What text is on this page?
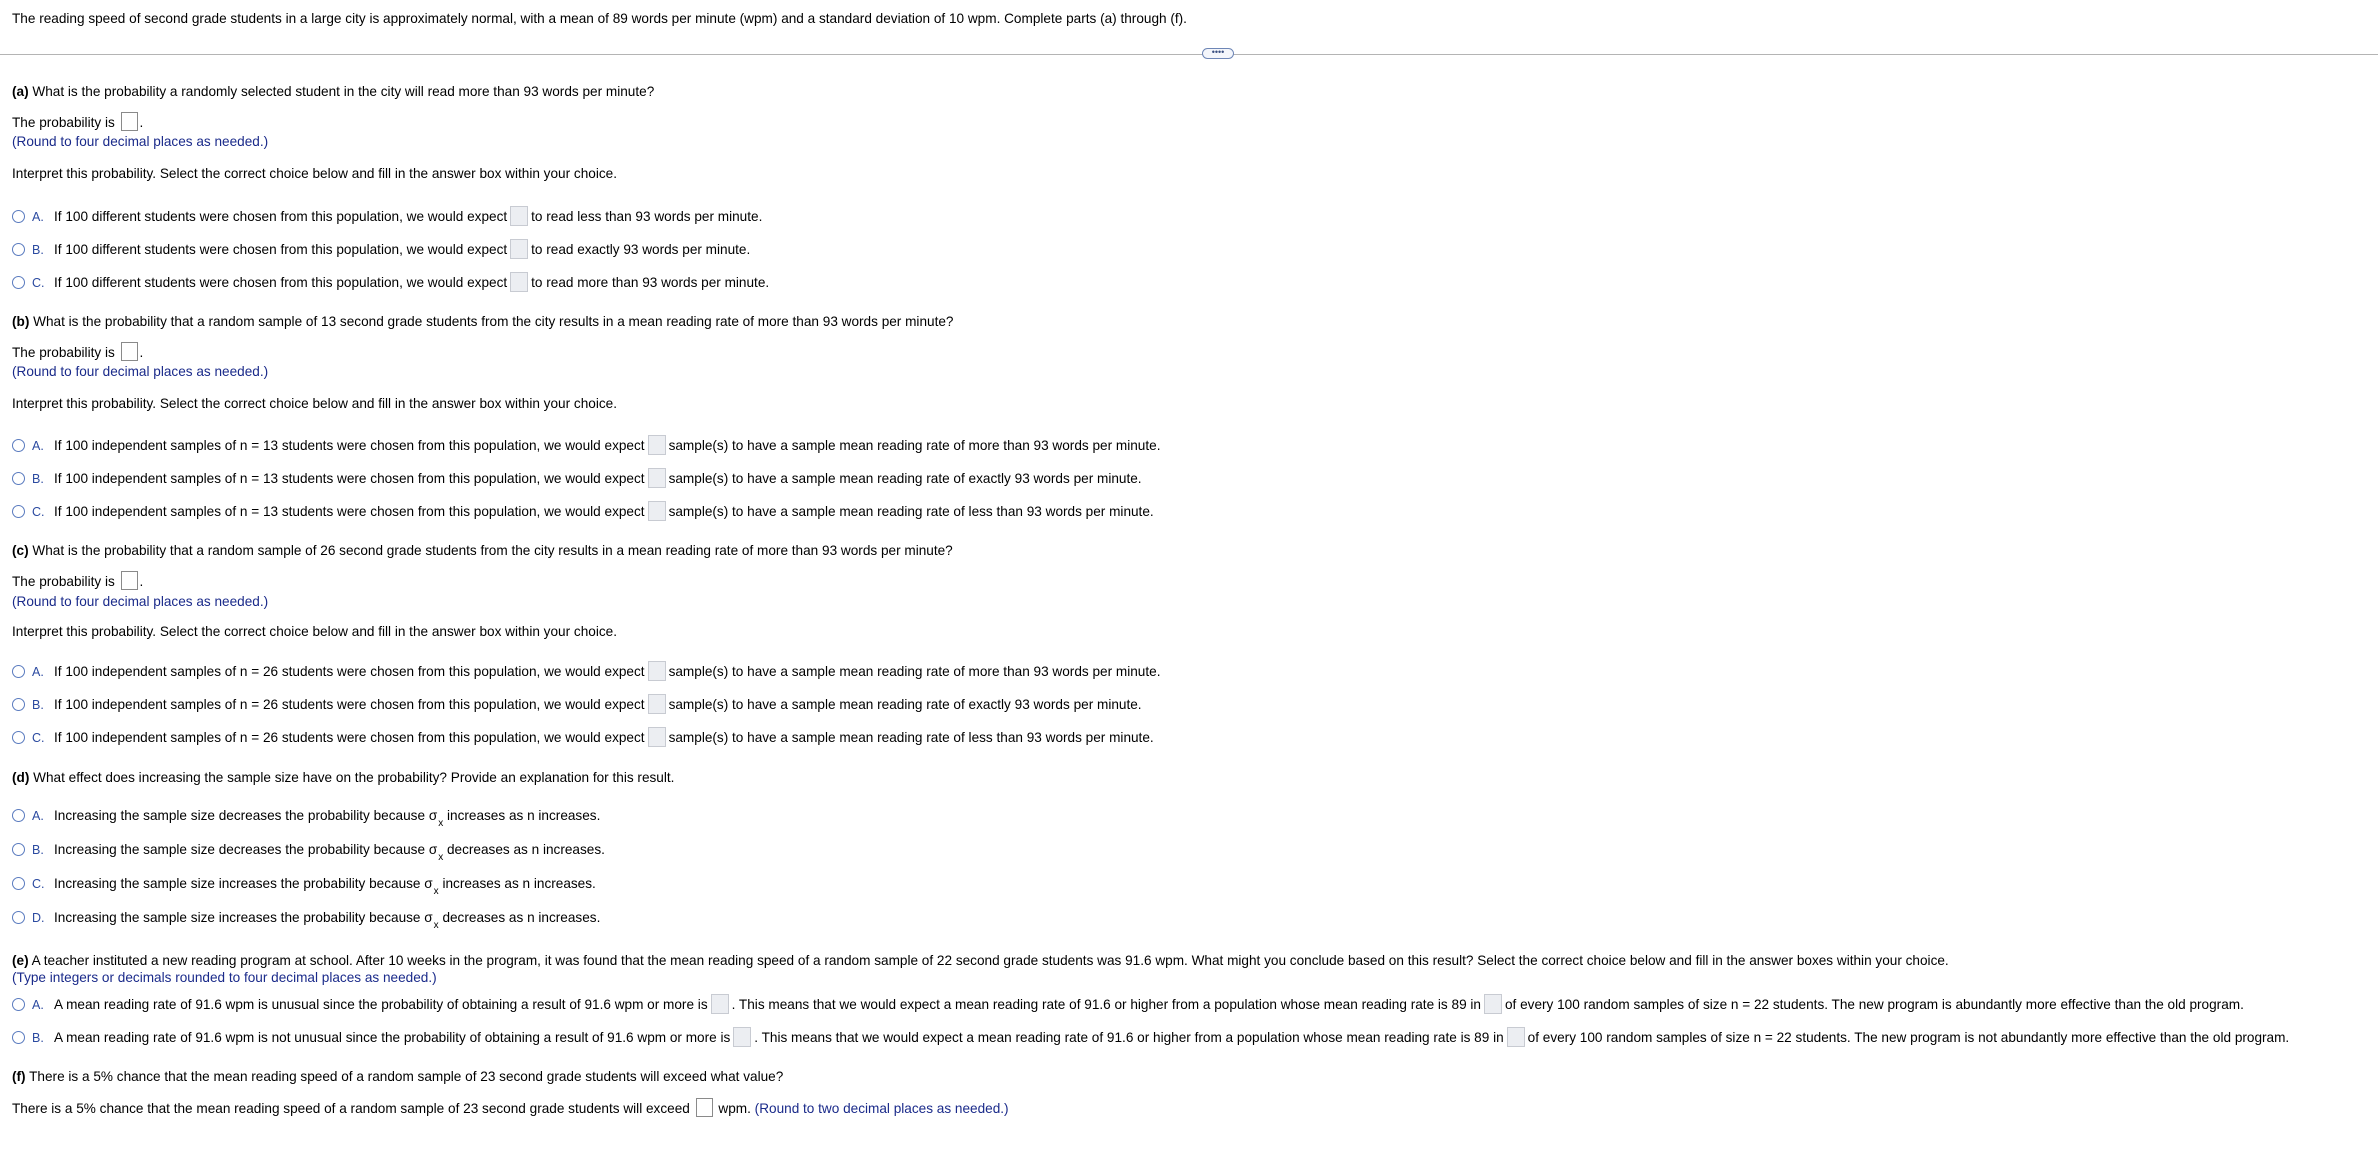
The reading speed of second grade students in a large city is approximately normal, with a mean of 89 words per minute (wpm) and a standard deviation of 10 wpm. Complete parts (a) through (f).
••••
(a) What is the probability a randomly selected student in the city will read more than 93 words per minute?
The probability is .
(Round to four decimal places as needed.)
Interpret this probability. Select the correct choice below and fill in the answer box within your choice.
A. If 100 different students were chosen from this population, we would expect to read less than 93 words per minute.
B. If 100 different students were chosen from this population, we would expect to read exactly 93 words per minute.
C. If 100 different students were chosen from this population, we would expect to read more than 93 words per minute.
(b) What is the probability that a random sample of 13 second grade students from the city results in a mean reading rate of more than 93 words per minute?
The probability is .
(Round to four decimal places as needed.)
Interpret this probability. Select the correct choice below and fill in the answer box within your choice.
A. If 100 independent samples of n = 13 students were chosen from this population, we would expect sample(s) to have a sample mean reading rate of more than 93 words per minute.
B. If 100 independent samples of n = 13 students were chosen from this population, we would expect sample(s) to have a sample mean reading rate of exactly 93 words per minute.
C. If 100 independent samples of n = 13 students were chosen from this population, we would expect sample(s) to have a sample mean reading rate of less than 93 words per minute.
(c) What is the probability that a random sample of 26 second grade students from the city results in a mean reading rate of more than 93 words per minute?
The probability is .
(Round to four decimal places as needed.)
Interpret this probability. Select the correct choice below and fill in the answer box within your choice.
A. If 100 independent samples of n = 26 students were chosen from this population, we would expect sample(s) to have a sample mean reading rate of more than 93 words per minute.
B. If 100 independent samples of n = 26 students were chosen from this population, we would expect sample(s) to have a sample mean reading rate of exactly 93 words per minute.
C. If 100 independent samples of n = 26 students were chosen from this population, we would expect sample(s) to have a sample mean reading rate of less than 93 words per minute.
(d) What effect does increasing the sample size have on the probability? Provide an explanation for this result.
A. Increasing the sample size decreases the probability because $\sigma_x$ increases as n increases.
B. Increasing the sample size decreases the probability because $\sigma_x$ decreases as n increases.
C. Increasing the sample size increases the probability because $\sigma_x$ increases as n increases.
D. Increasing the sample size increases the probability because $\sigma_x$ decreases as n increases.
(e) A teacher instituted a new reading program at school. After 10 weeks in the program, it was found that the mean reading speed of a random sample of 22 second grade students was 91.6 wpm. What might you conclude based on this result? Select the correct choice below and fill in the answer boxes within your choice.
(Type integers or decimals rounded to four decimal places as needed.)
A. A mean reading rate of 91.6 wpm is unusual since the probability of obtaining a result of 91.6 wpm or more is . This means that we would expect a mean reading rate of 91.6 or higher from a population whose mean reading rate is 89 in of every 100 random samples of size n = 22 students. The new program is abundantly more effective than the old program.
B. A mean reading rate of 91.6 wpm is not unusual since the probability of obtaining a result of 91.6 wpm or more is . This means that we would expect a mean reading rate of 91.6 or higher from a population whose mean reading rate is 89 in of every 100 random samples of size n = 22 students. The new program is not abundantly more effective than the old program.
(f) There is a 5% chance that the mean reading speed of a random sample of 23 second grade students will exceed what value?
There is a 5% chance that the mean reading speed of a random sample of 23 second grade students will exceed wpm. (Round to two decimal places as needed.)
